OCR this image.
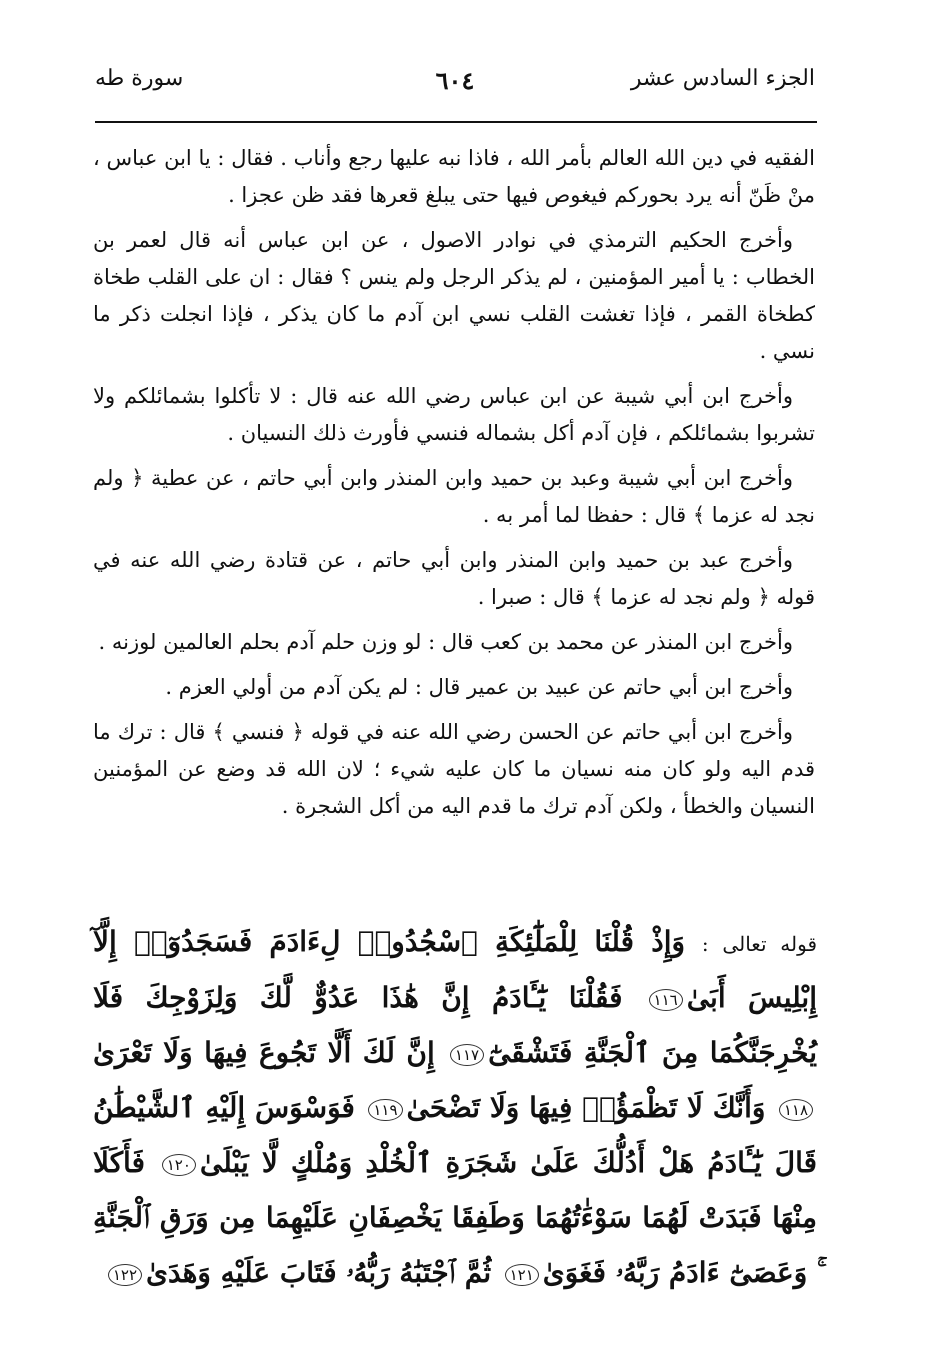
الجزء السادس عشر
٦٠٤
سورة طه

الفقيه في دين الله العالم بأمر الله ، فاذا نبه عليها رجع وأناب . فقال : يا ابن عباس ، منْ ظَنّ أنه يرد بحوركم فيغوص فيها حتى يبلغ قعرها فقد ظن عجزا .

وأخرج الحكيم الترمذي في نوادر الاصول ، عن ابن عباس أنه قال لعمر بن الخطاب : يا أمير المؤمنين ، لم يذكر الرجل ولم ينس ؟ فقال : ان على القلب طخاة كطخاة القمر ، فإذا تغشت القلب نسي ابن آدم ما كان يذكر ، فإذا انجلت ذكر ما نسي .

وأخرج ابن أبي شيبة عن ابن عباس رضي الله عنه قال : لا تأكلوا بشمائلكم ولا تشربوا بشمائلكم ، فإن آدم أكل بشماله فنسي فأورث ذلك النسيان .

وأخرج ابن أبي شيبة وعبد بن حميد وابن المنذر وابن أبي حاتم ، عن عطية ﴿ ولم نجد له عزما ﴾ قال : حفظا لما أمر به .

وأخرج عبد بن حميد وابن المنذر وابن أبي حاتم ، عن قتادة رضي الله عنه في قوله ﴿ ولم نجد له عزما ﴾ قال : صبرا .

وأخرج ابن المنذر عن محمد بن كعب قال : لو وزن حلم آدم بحلم العالمين لوزنه .

وأخرج ابن أبي حاتم عن عبيد بن عمير قال : لم يكن آدم من أولي العزم .

وأخرج ابن أبي حاتم عن الحسن رضي الله عنه في قوله ﴿ فنسي ﴾ قال : ترك ما قدم اليه ولو كان منه نسيان ما كان عليه شيء ؛ لان الله قد وضع عن المؤمنين النسيان والخطأ ، ولكن آدم ترك ما قدم اليه من أكل الشجرة .

قوله تعالى : وَإِذْ قُلْنَا لِلْمَلَٰٓئِكَةِ ٱسْجُدُوا۟ لِءَادَمَ فَسَجَدُوٓا۟ إِلَّآ إِبْلِيسَ أَبَىٰ١١٦ فَقُلْنَا يَٰٓـَٔادَمُ إِنَّ هَٰذَا عَدُوٌّ لَّكَ وَلِزَوْجِكَ فَلَا يُخْرِجَنَّكُمَا مِنَ ٱلْجَنَّةِ فَتَشْقَىٰٓ١١٧ إِنَّ لَكَ أَلَّا تَجُوعَ فِيهَا وَلَا تَعْرَىٰ١١٨ وَأَنَّكَ لَا تَظْمَؤُا۟ فِيهَا وَلَا تَضْحَىٰ١١٩ فَوَسْوَسَ إِلَيْهِ ٱلشَّيْطَٰنُ قَالَ يَٰٓـَٔادَمُ هَلْ أَدُلُّكَ عَلَىٰ شَجَرَةِ ٱلْخُلْدِ وَمُلْكٍ لَّا يَبْلَىٰ١٢٠ فَأَكَلَا مِنْهَا فَبَدَتْ لَهُمَا سَوْءَٰتُهُمَا وَطَفِقَا يَخْصِفَانِ عَلَيْهِمَا مِن وَرَقِ ٱلْجَنَّةِ ۚ وَعَصَىٰٓ ءَادَمُ رَبَّهُۥ فَغَوَىٰ١٢١ ثُمَّ ٱجْتَبَٰهُ رَبُّهُۥ فَتَابَ عَلَيْهِ وَهَدَىٰ١٢٢
